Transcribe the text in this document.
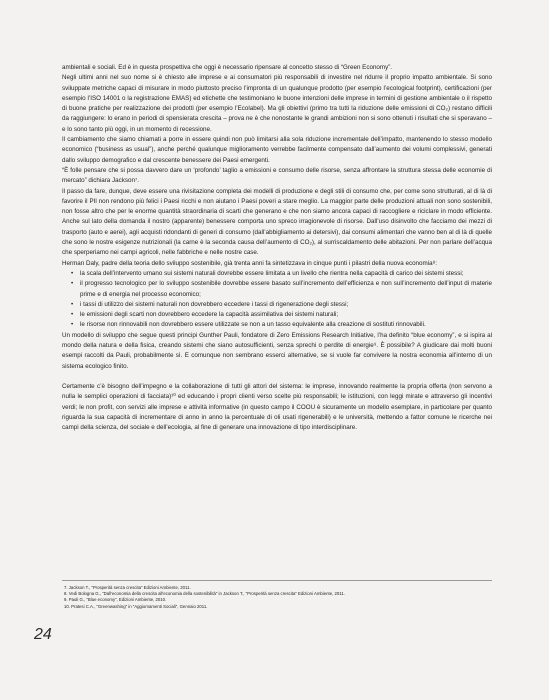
ambientali e sociali. Ed è in questa prospettiva che oggi è necessario ripensare al concetto stesso di “Green Economy”.

Negli ultimi anni nel suo nome si è chiesto alle imprese e ai consumatori più responsabili di investire nel ridurre il proprio impatto ambientale. Si sono sviluppate metriche capaci di misurare in modo piuttosto preciso l’impronta di un qualunque prodotto (per esempio l’ecological footprint), certificazioni (per esempio l’ISO 14001 o la registrazione EMAS) ed etichette che testimoniano le buone intenzioni delle imprese in termini di gestione ambientale o il rispetto di buone pratiche per realizzazione dei prodotti (per esempio l’Ecolabel). Ma gli obiettivi (primo tra tutti la riduzione delle emissioni di CO₂) restano difficili da raggiungere: lo erano in periodi di spensierata crescita – prova ne è che nonostante le grandi ambizioni non si sono ottenuti i risultati che si speravano – e lo sono tanto più oggi, in un momento di recessione.

Il cambiamento che siamo chiamati a porre in essere quindi non può limitarsi alla sola riduzione incrementale dell’impatto, mantenendo lo stesso modello economico (“business as usual”), anche perché qualunque miglioramento verrebbe facilmente compensato dall’aumento dei volumi complessivi, generati dallo sviluppo demografico e dal crescente benessere dei Paesi emergenti.

“È folle pensare che si possa davvero dare un ‘profondo’ taglio a emissioni e consumo delle risorse, senza affrontare la struttura stessa delle economie di mercato” dichiara Jackson⁷.

Il passo da fare, dunque, deve essere una rivisitazione completa dei modelli di produzione e degli stili di consumo che, per come sono strutturati, al di là di favorire il PIl non rendono più felici i Paesi ricchi e non aiutano i Paesi poveri a stare meglio. La maggior parte delle produzioni attuali non sono sostenibili, non fosse altro che per le enorme quantità straordinaria di scarti che generano e che non siamo ancora capaci di raccogliere e riciclare in modo efficiente. Anche sul lato della domanda il nostro (apparente) benessere comporta uno spreco irragionevole di risorse. Dall’uso disinvolto che facciamo dei mezzi di trasporto (auto e aerei), agli acquisti ridondanti di generi di consumo (dall’abbigliamento ai detersivi), dai consumi alimentari che vanno ben al di là di quelle che sono le nostre esigenze nutrizionali (la carne è la seconda causa dell’aumento di CO₂), al surriscaldamento delle abitazioni. Per non parlare dell’acqua che sperperiamo nei campi agricoli, nelle fabbriche e nelle nostre case.

Herman Daly, padre della teoria dello sviluppo sostenibile, già trenta anni fa sintetizzava in cinque punti i pilastri della nuova economia⁸:

• la scala dell’intervento umano sui sistemi naturali dovrebbe essere limitata a un livello che rientra nella capacità di carico dei sistemi stessi;
• il progresso tecnologico per lo sviluppo sostenibile dovrebbe essere basato sull’incremento dell’efficienza e non sull’incremento dell’input di materie prime e di energia nel processo economico;
• i tassi di utilizzo dei sistemi naturali non dovrebbero eccedere i tassi di rigenerazione degli stessi;
• le emissioni degli scarti non dovrebbero eccedere la capacità assimilativa dei sistemi naturali;
• le risorse non rinnovabili non dovrebbero essere utilizzate se non a un tasso equivalente alla creazione di sostituti rinnovabili.

Un modello di sviluppo che segue questi principi Gunther Pauli, fondatore di Zero Emissions Research Initiative, l’ha definito “blue economy”, e si ispira al mondo della natura e della fisica, creando sistemi che siano autosufficienti, senza sprechi o perdite di energie⁹. È possibile? A giudicare dai molti buoni esempi raccolti da Pauli, probabilmente sì. E comunque non sembrano esserci alternative, se si vuole far convivere la nostra economia all’interno di un sistema ecologico finito.

Certamente c’è bisogno dell’impegno e la collaborazione di tutti gli attori del sistema: le imprese, innovando realmente la propria offerta (non servono a nulla le semplici operazioni di facciata)¹⁰ ed educando i propri clienti verso scelte più responsabili; le istituzioni, con leggi mirate e attraverso gli incentivi verdi; le non profit, con servizi alle imprese e attività informative (in questo campo il COOU è sicuramente un modello esemplare, in particolare per quanto riguarda la sua capacità di incrementare di anno in anno la percentuale di oli usati rigenerabili) e le università, mettendo a fattor comune le ricerche nei campi della scienza, del sociale e dell’ecologia, al fine di generare una innovazione di tipo interdisciplinare.

7. Jackson T., “Prosperità senza crescita” Edizioni Ambiente, 2011.

8. Vedi Bologna G., “Dall’economia della crescita all’economia della sostenibilità” in Jackson T., “Prosperità senza crescita” Edizioni Ambiente, 2011.

9. Pauli G., “Blue economy”, Edizioni Ambiente, 2010.

10. Pratesi C.A., “Greenwashing” in “Aggiornamenti Sociali”, Gennaio 2011.

24
